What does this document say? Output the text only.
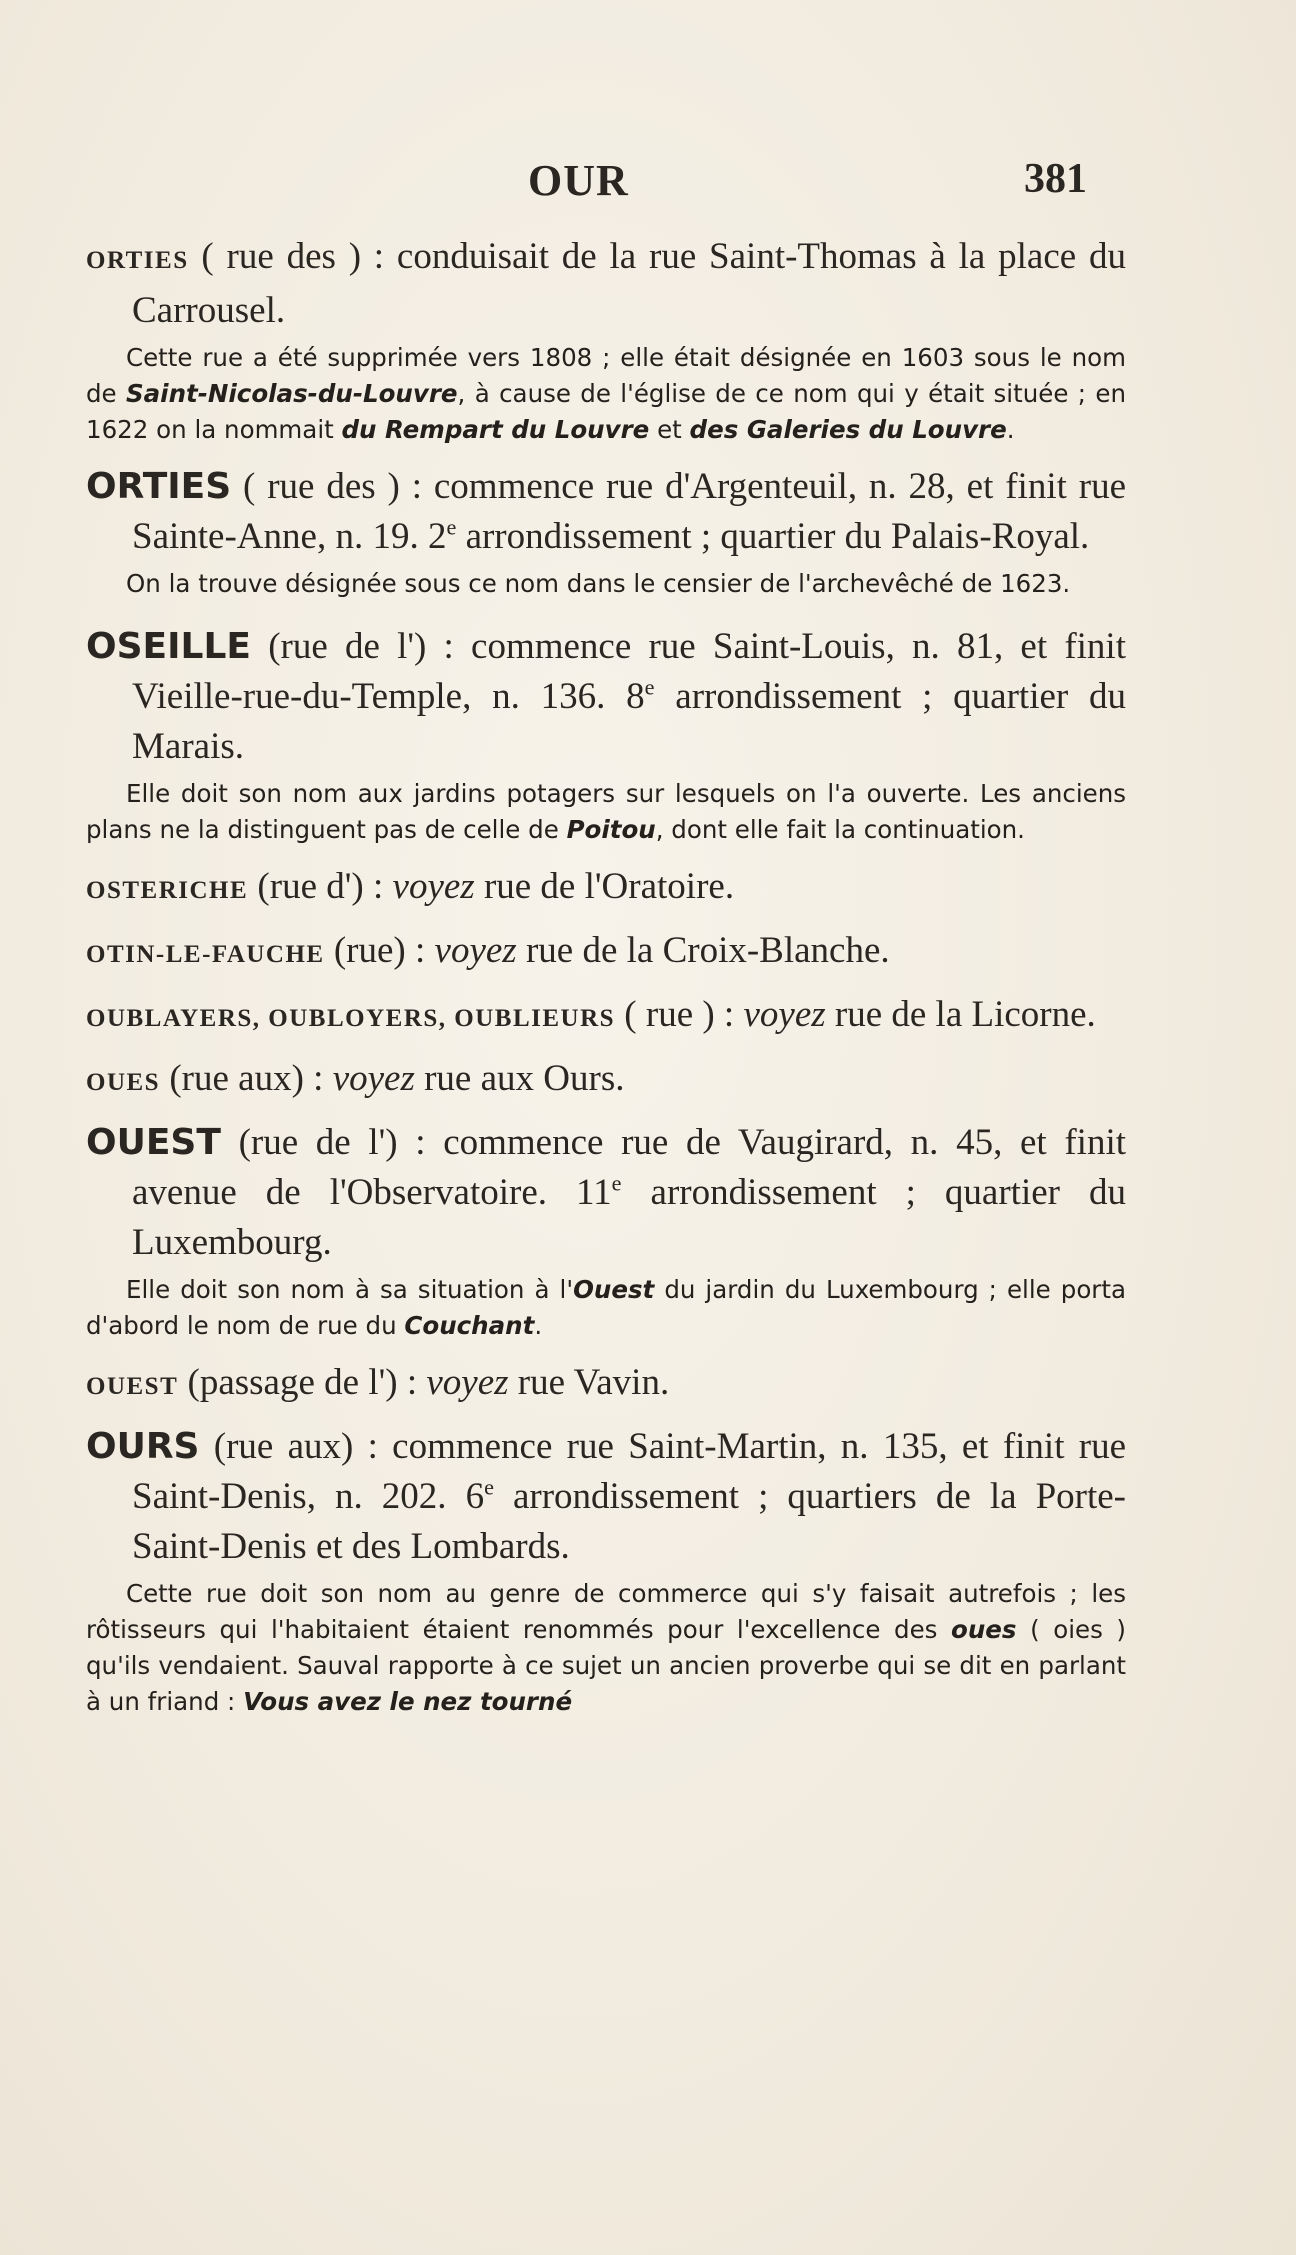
OUR	381

ORTIES ( rue des ) : conduisait de la rue Saint-Thomas à la place du Carrousel.

Cette rue a été supprimée vers 1808 ; elle était désignée en 1603 sous le nom de Saint-Nicolas-du-Louvre, à cause de l'église de ce nom qui y était située ; en 1622 on la nommait du Rempart du Louvre et des Galeries du Louvre.

ORTIES ( rue des ) : commence rue d'Argenteuil, n. 28, et finit rue Sainte-Anne, n. 19. 2e arrondissement ; quartier du Palais-Royal.

On la trouve désignée sous ce nom dans le censier de l'archevêché de 1623.

OSEILLE (rue de l') : commence rue Saint-Louis, n. 81, et finit Vieille-rue-du-Temple, n. 136. 8e arrondissement ; quartier du Marais.

Elle doit son nom aux jardins potagers sur lesquels on l'a ouverte. Les anciens plans ne la distinguent pas de celle de Poitou, dont elle fait la continuation.

OSTERICHE (rue d') : voyez rue de l'Oratoire.

OTIN-LE-FAUCHE (rue) : voyez rue de la Croix-Blanche.

OUBLAYERS, OUBLOYERS, OUBLIEURS ( rue ) : voyez rue de la Licorne.

OUES (rue aux) : voyez rue aux Ours.

OUEST (rue de l') : commence rue de Vaugirard, n. 45, et finit avenue de l'Observatoire. 11e arrondissement ; quartier du Luxembourg.

Elle doit son nom à sa situation à l'Ouest du jardin du Luxembourg ; elle porta d'abord le nom de rue du Couchant.

OUEST (passage de l') : voyez rue Vavin.

OURS (rue aux) : commence rue Saint-Martin, n. 135, et finit rue Saint-Denis, n. 202. 6e arrondissement ; quartiers de la Porte-Saint-Denis et des Lombards.

Cette rue doit son nom au genre de commerce qui s'y faisait autrefois ; les rôtisseurs qui l'habitaient étaient renommés pour l'excellence des oues ( oies ) qu'ils vendaient. Sauval rapporte à ce sujet un ancien proverbe qui se dit en parlant à un friand : Vous avez le nez tourné
